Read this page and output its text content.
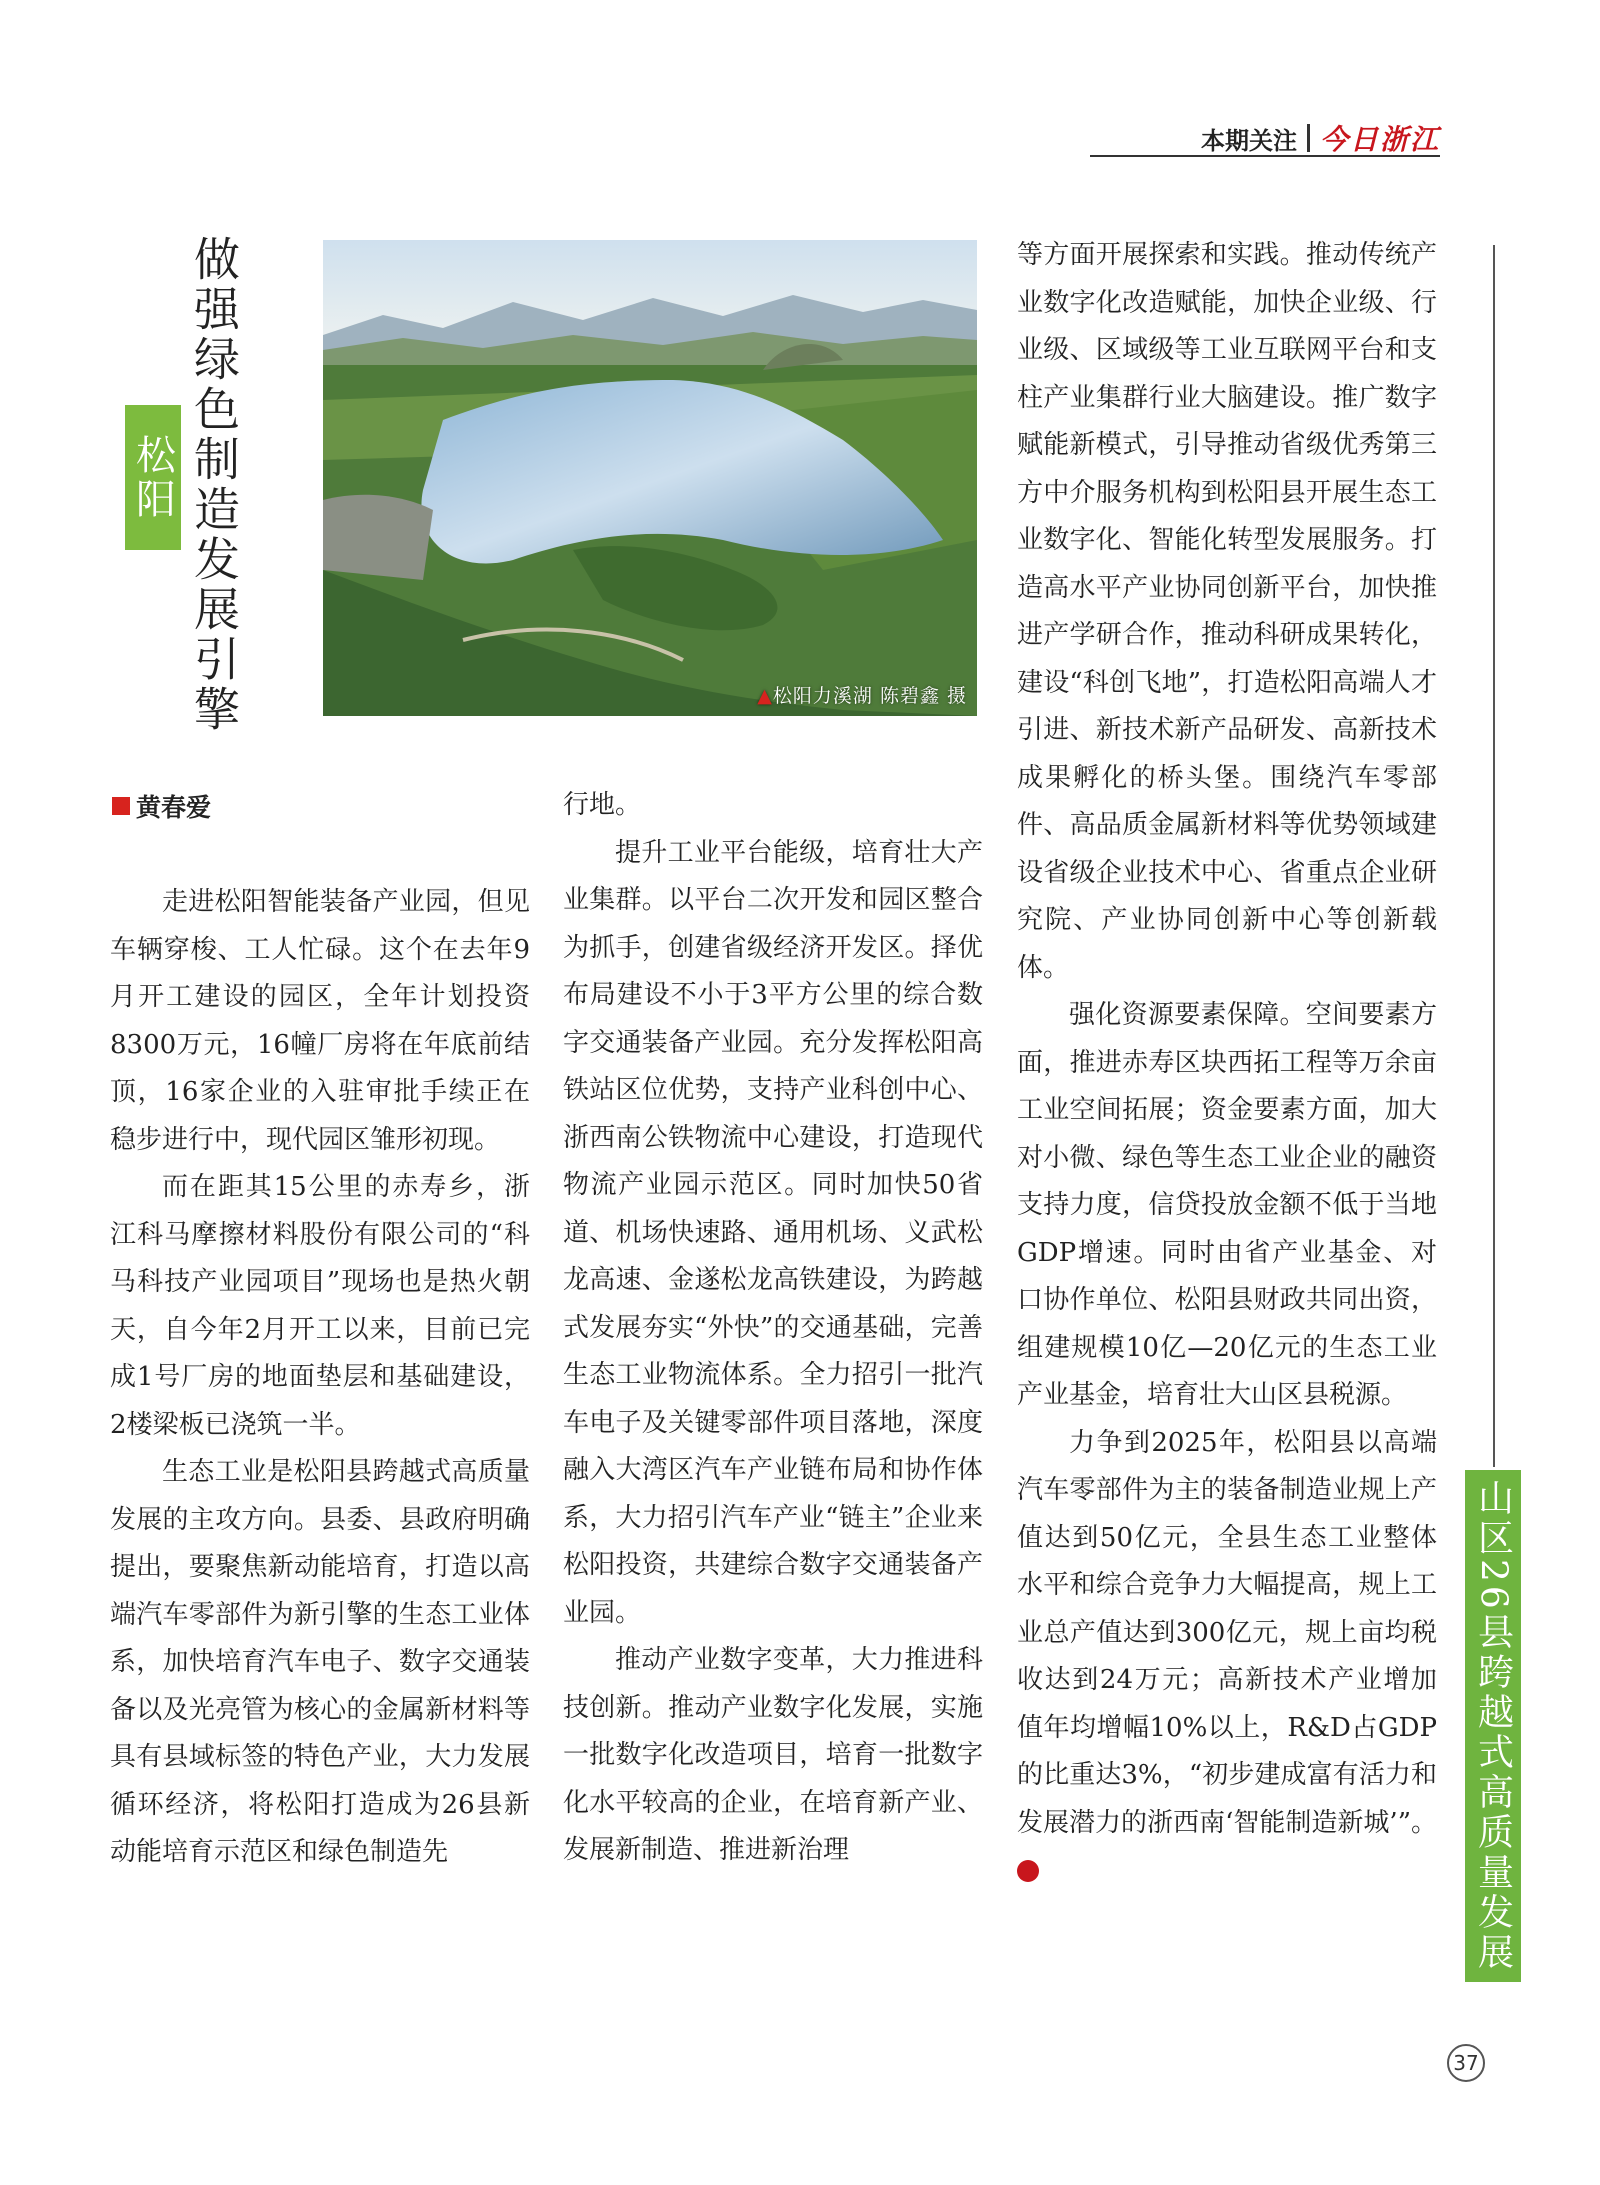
本期关注 今日浙江
做强绿色制造发展引擎
松阳
▲松阳力溪湖 陈碧鑫 摄
黄春爱

走进松阳智能装备产业园，但见车辆穿梭、工人忙碌。这个在去年9月开工建设的园区，全年计划投资8300万元，16幢厂房将在年底前结顶，16家企业的入驻审批手续正在稳步进行中，现代园区雏形初现。

而在距其15公里的赤寿乡，浙江科马摩擦材料股份有限公司的“科马科技产业园项目”现场也是热火朝天，自今年2月开工以来，目前已完成1号厂房的地面垫层和基础建设，2楼梁板已浇筑一半。

生态工业是松阳县跨越式高质量发展的主攻方向。县委、县政府明确提出，要聚焦新动能培育，打造以高端汽车零部件为新引擎的生态工业体系，加快培育汽车电子、数字交通装备以及光亮管为核心的金属新材料等具有县域标签的特色产业，大力发展循环经济，将松阳打造成为26县新动能培育示范区和绿色制造先

行地。

提升工业平台能级，培育壮大产业集群。以平台二次开发和园区整合为抓手，创建省级经济开发区。择优布局建设不小于3平方公里的综合数字交通装备产业园。充分发挥松阳高铁站区位优势，支持产业科创中心、浙西南公铁物流中心建设，打造现代物流产业园示范区。同时加快50省道、机场快速路、通用机场、义武松龙高速、金遂松龙高铁建设，为跨越式发展夯实“外快”的交通基础，完善生态工业物流体系。全力招引一批汽车电子及关键零部件项目落地，深度融入大湾区汽车产业链布局和协作体系，大力招引汽车产业“链主”企业来松阳投资，共建综合数字交通装备产业园。

推动产业数字变革，大力推进科技创新。推动产业数字化发展，实施一批数字化改造项目，培育一批数字化水平较高的企业，在培育新产业、发展新制造、推进新治理

等方面开展探索和实践。推动传统产业数字化改造赋能，加快企业级、行业级、区域级等工业互联网平台和支柱产业集群行业大脑建设。推广数字赋能新模式，引导推动省级优秀第三方中介服务机构到松阳县开展生态工业数字化、智能化转型发展服务。打造高水平产业协同创新平台，加快推进产学研合作，推动科研成果转化，建设“科创飞地”，打造松阳高端人才引进、新技术新产品研发、高新技术成果孵化的桥头堡。围绕汽车零部件、高品质金属新材料等优势领域建设省级企业技术中心、省重点企业研究院、产业协同创新中心等创新载体。

强化资源要素保障。空间要素方面，推进赤寿区块西拓工程等万余亩工业空间拓展；资金要素方面，加大对小微、绿色等生态工业企业的融资支持力度，信贷投放金额不低于当地GDP增速。同时由省产业基金、对口协作单位、松阳县财政共同出资，组建规模10亿—20亿元的生态工业产业基金，培育壮大山区县税源。

力争到2025年，松阳县以高端汽车零部件为主的装备制造业规上产值达到50亿元，全县生态工业整体水平和综合竞争力大幅提高，规上工业总产值达到300亿元，规上亩均税收达到24万元；高新技术产业增加值年均增幅10%以上，R&D占GDP的比重达3%，“初步建成富有活力和发展潜力的浙西南‘智能制造新城’”。 山区26县跨越式高质量发展
37
